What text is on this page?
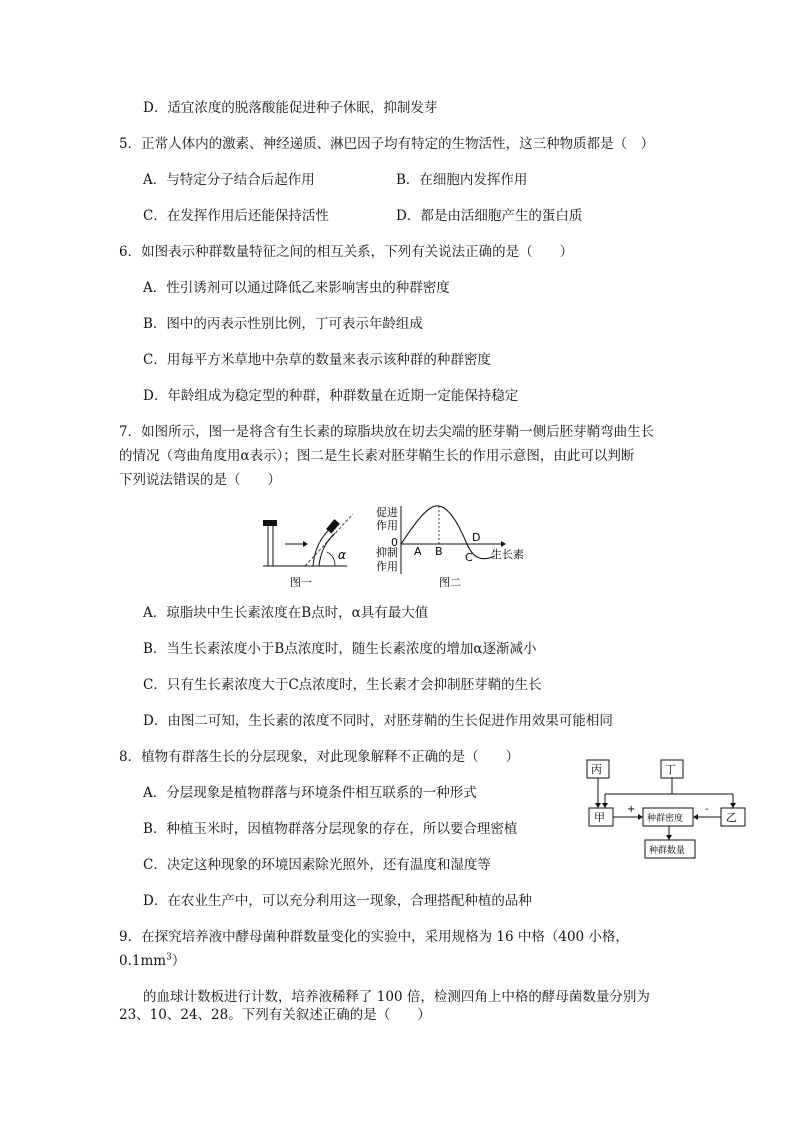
D．适宜浓度的脱落酸能促进种子休眠，抑制发芽
5．正常人体内的激素、神经递质、淋巴因子均有特定的生物活性，这三种物质都是（　）
A．与特定分子结合后起作用	B．在细胞内发挥作用
C．在发挥作用后还能保持活性	D．都是由活细胞产生的蛋白质
6．如图表示种群数量特征之间的相互关系，下列有关说法正确的是（　　）
A．性引诱剂可以通过降低乙来影响害虫的种群密度
B．图中的丙表示性别比例，丁可表示年龄组成
C．用每平方米草地中杂草的数量来表示该种群的种群密度
D．年龄组成为稳定型的种群，种群数量在近期一定能保持稳定
7．如图所示，图一是将含有生长素的琼脂块放在切去尖端的胚芽鞘一侧后胚芽鞘弯曲生长
的情况（弯曲角度用α表示）；图二是生长素对胚芽鞘生长的作用示意图，由此可以判断
下列说法错误的是（　　）
α
图一
促进
作用
0
抑制
作用
A B C
D
生长素
图二
A．琼脂块中生长素浓度在B点时，α具有最大值
B．当生长素浓度小于B点浓度时，随生长素浓度的增加α逐渐减小
C．只有生长素浓度大于C点浓度时，生长素才会抑制胚芽鞘的生长
D．由图二可知，生长素的浓度不同时，对胚芽鞘的生长促进作用效果可能相同
8．植物有群落生长的分层现象，对此现象解释不正确的是（　　）
A．分层现象是植物群落与环境条件相互联系的一种形式
B．种植玉米时，因植物群落分层现象的存在，所以要合理密植
C．决定这种现象的环境因素除光照外，还有温度和湿度等
D．在农业生产中，可以充分利用这一现象，合理搭配种植的品种
丙	丁
甲	种群密度	乙
种群数量
+	-
9．在探究培养液中酵母菌种群数量变化的实验中，采用规格为 16 中格（400 小格，
$0.1mm^3$）
的血球计数板进行计数，培养液稀释了 100 倍，检测四角上中格的酵母菌数量分别为
23、10、24、28。下列有关叙述正确的是（　　）
